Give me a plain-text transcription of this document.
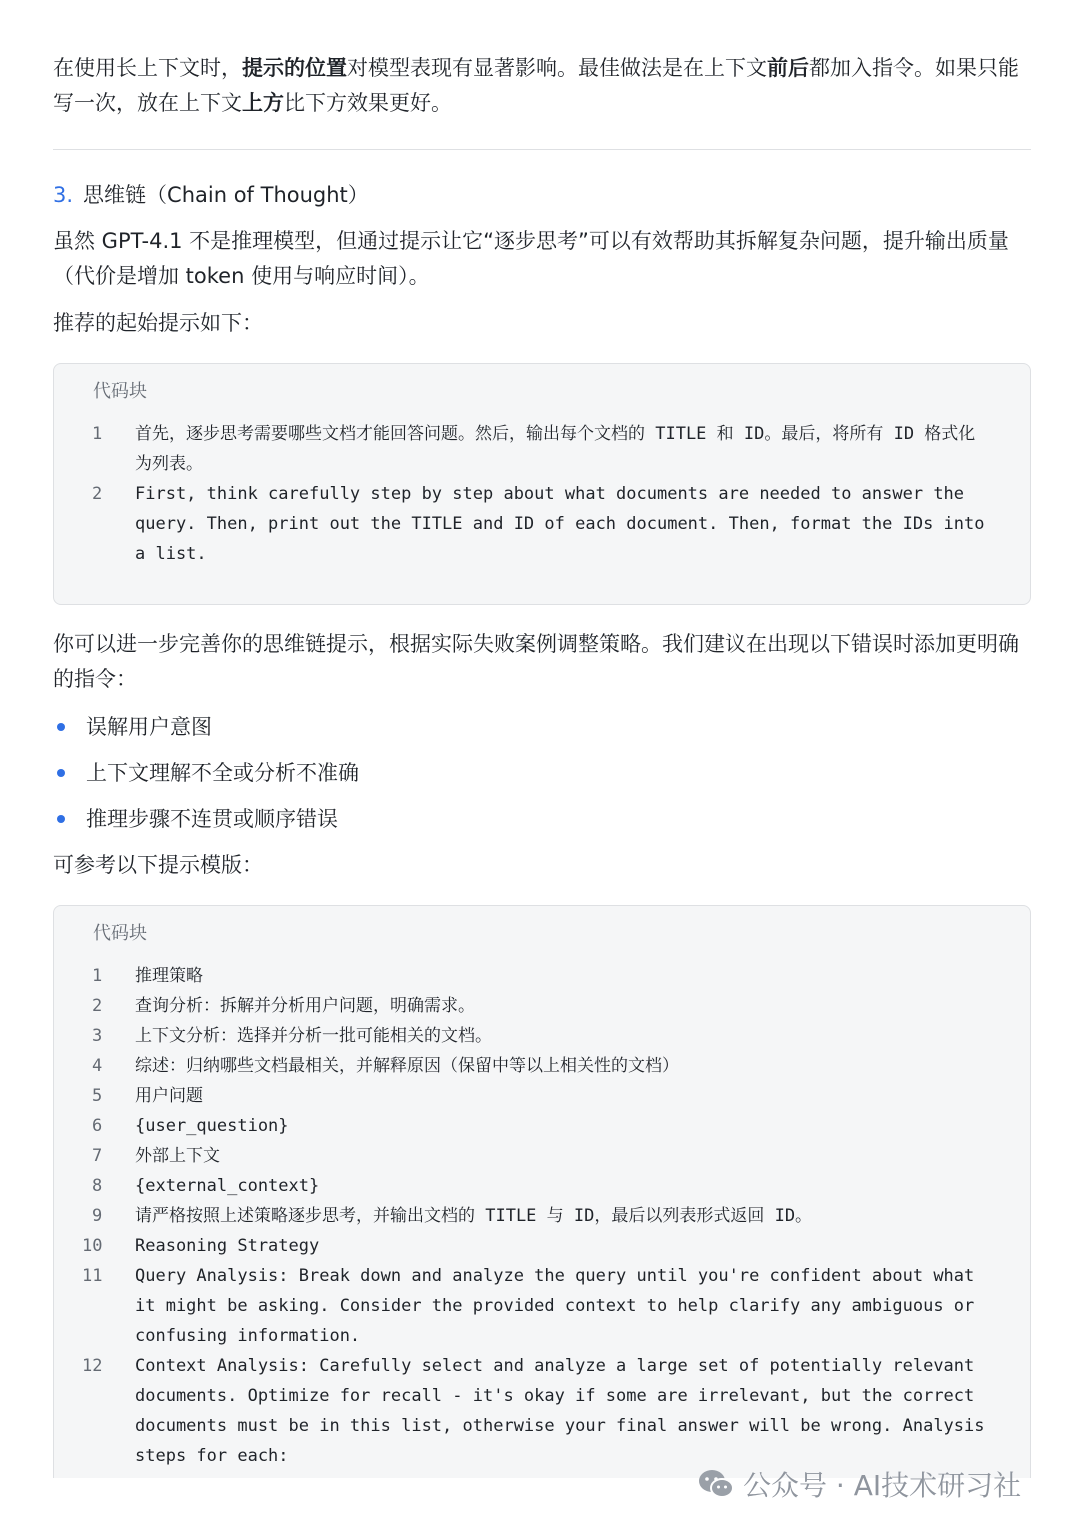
在使用长上下文时，提示的位置对模型表现有显著影响。最佳做法是在上下文前后都加入指令。如果只能写一次，放在上下文上方比下方效果更好。

3. 思维链（Chain of Thought）

虽然 GPT-4.1 不是推理模型，但通过提示让它“逐步思考”可以有效帮助其拆解复杂问题，提升输出质量（代价是增加 token 使用与响应时间）。

推荐的起始提示如下：

代码块
1	首先，逐步思考需要哪些文档才能回答问题。然后，输出每个文档的 TITLE 和 ID。最后，将所有 ID 格式化为列表。
2	First, think carefully step by step about what documents are needed to answer the query. Then, print out the TITLE and ID of each document. Then, format the IDs into a list.

你可以进一步完善你的思维链提示，根据实际失败案例调整策略。我们建议在出现以下错误时添加更明确的指令：

误解用户意图
上下文理解不全或分析不准确
推理步骤不连贯或顺序错误

可参考以下提示模版：

代码块
1	推理策略
2	查询分析：拆解并分析用户问题，明确需求。
3	上下文分析：选择并分析一批可能相关的文档。
4	综述：归纳哪些文档最相关，并解释原因（保留中等以上相关性的文档）
5	用户问题
6	{user_question}
7	外部上下文
8	{external_context}
9	请严格按照上述策略逐步思考，并输出文档的 TITLE 与 ID，最后以列表形式返回 ID。
10	Reasoning Strategy
11	Query Analysis: Break down and analyze the query until you're confident about what it might be asking. Consider the provided context to help clarify any ambiguous or confusing information.
12	Context Analysis: Carefully select and analyze a large set of potentially relevant documents. Optimize for recall - it's okay if some are irrelevant, but the correct documents must be in this list, otherwise your final answer will be wrong. Analysis steps for each:
公众号 · AI技术研习社
